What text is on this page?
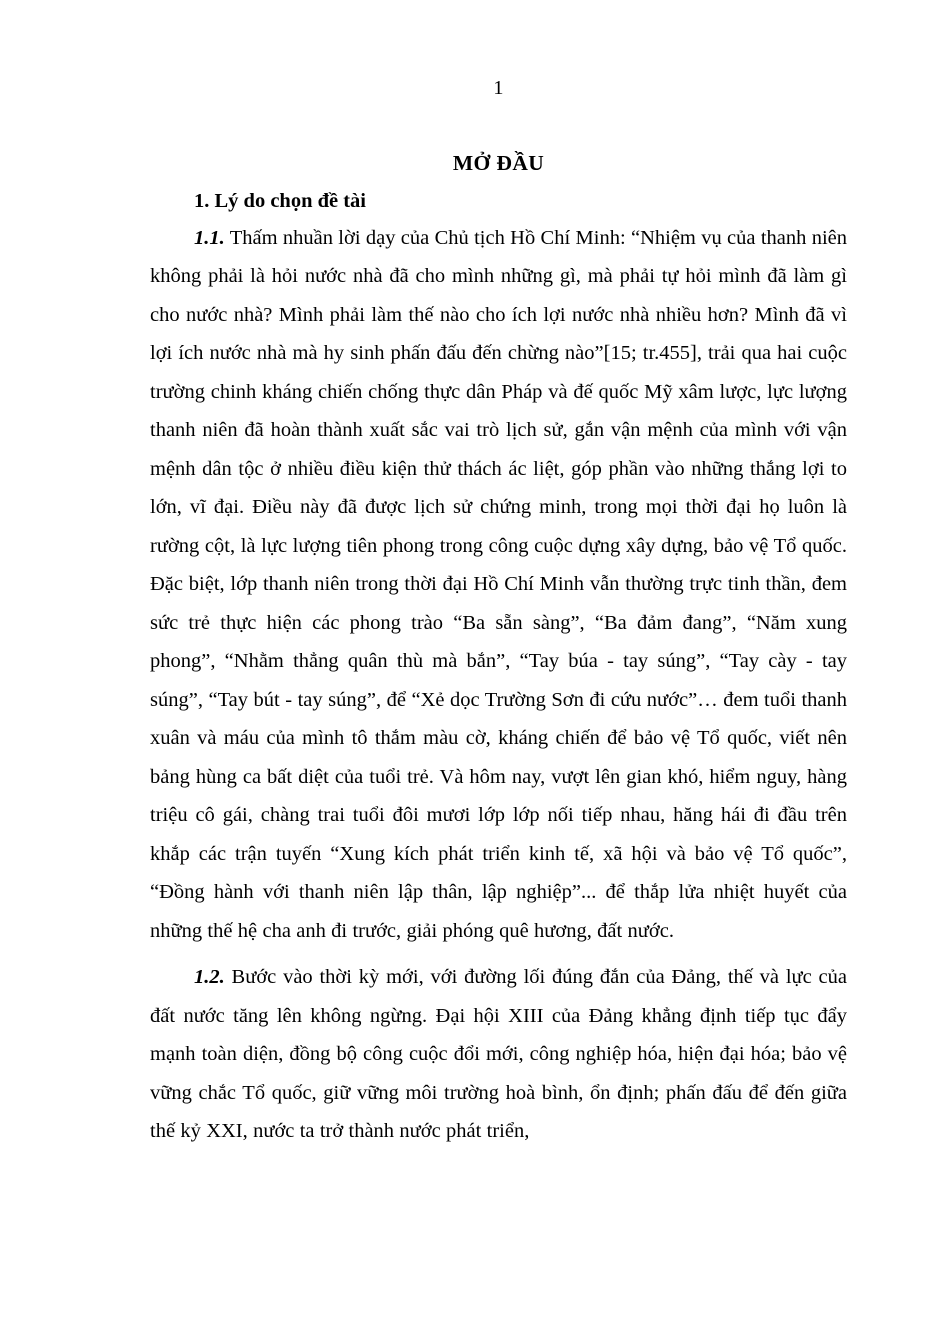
1
MỞ ĐẦU
1. Lý do chọn đề tài

1.1. Thấm nhuần lời dạy của Chủ tịch Hồ Chí Minh: “Nhiệm vụ của thanh niên không phải là hỏi nước nhà đã cho mình những gì, mà phải tự hỏi mình đã làm gì cho nước nhà? Mình phải làm thế nào cho ích lợi nước nhà nhiều hơn? Mình đã vì lợi ích nước nhà mà hy sinh phấn đấu đến chừng nào”[15; tr.455], trải qua hai cuộc trường chinh kháng chiến chống thực dân Pháp và đế quốc Mỹ xâm lược, lực lượng thanh niên đã hoàn thành xuất sắc vai trò lịch sử, gắn vận mệnh của mình với vận mệnh dân tộc ở nhiều điều kiện thử thách ác liệt, góp phần vào những thắng lợi to lớn, vĩ đại. Điều này đã được lịch sử chứng minh, trong mọi thời đại họ luôn là rường cột, là lực lượng tiên phong trong công cuộc dựng xây dựng, bảo vệ Tổ quốc. Đặc biệt, lớp thanh niên trong thời đại Hồ Chí Minh vẫn thường trực tinh thần, đem sức trẻ thực hiện các phong trào “Ba sẵn sàng”, “Ba đảm đang”, “Năm xung phong”, “Nhằm thẳng quân thù mà bắn”, “Tay búa - tay súng”, “Tay cày - tay súng”, “Tay bút - tay súng”, để “Xẻ dọc Trường Sơn đi cứu nước”… đem tuổi thanh xuân và máu của mình tô thắm màu cờ, kháng chiến để bảo vệ Tổ quốc, viết nên bảng hùng ca bất diệt của tuổi trẻ. Và hôm nay, vượt lên gian khó, hiểm nguy, hàng triệu cô gái, chàng trai tuổi đôi mươi lớp lớp nối tiếp nhau, hăng hái đi đầu trên khắp các trận tuyến “Xung kích phát triển kinh tế, xã hội và bảo vệ Tổ quốc”, “Đồng hành với thanh niên lập thân, lập nghiệp”... để thắp lửa nhiệt huyết của những thế hệ cha anh đi trước, giải phóng quê hương, đất nước.

1.2. Bước vào thời kỳ mới, với đường lối đúng đắn của Đảng, thế và lực của đất nước tăng lên không ngừng. Đại hội XIII của Đảng khẳng định tiếp tục đẩy mạnh toàn diện, đồng bộ công cuộc đổi mới, công nghiệp hóa, hiện đại hóa; bảo vệ vững chắc Tổ quốc, giữ vững môi trường hoà bình, ổn định; phấn đấu để đến giữa thế kỷ XXI, nước ta trở thành nước phát triển,
